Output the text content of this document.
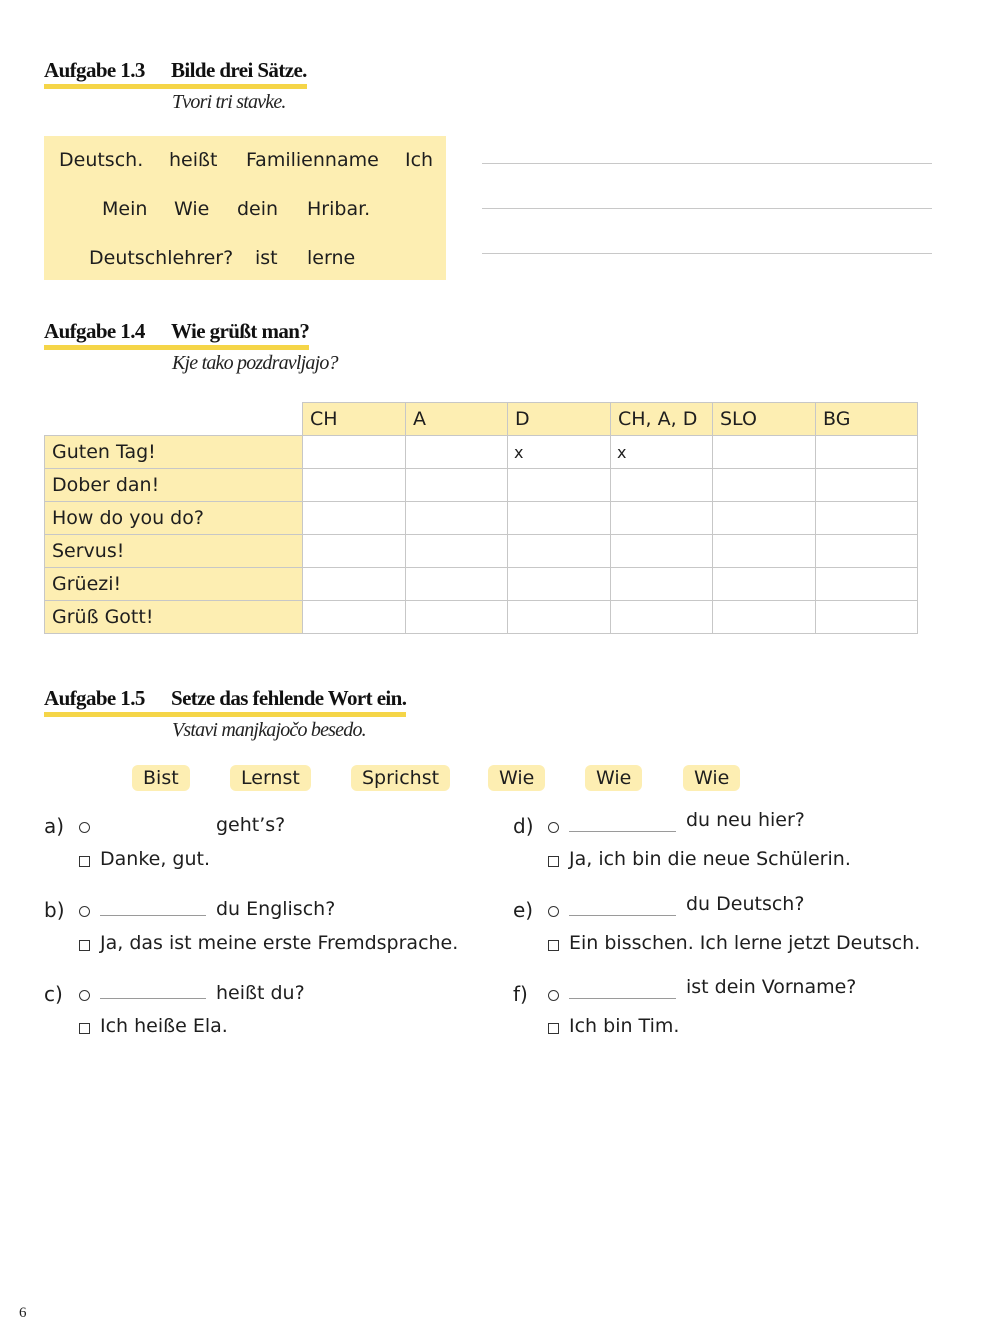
Aufgabe 1.3 Bilde drei Sätze.
Tvori tri stavke.
Deutsch. heißt Familienname Ich
Mein Wie dein Hribar.
Deutschlehrer? ist lerne
Aufgabe 1.4 Wie grüßt man?
Kje tako pozdravljajo?
	CH	A	D	CH, A, D	SLO	BG
Guten Tag!			x	x		
Dober dan!						
How do you do?						
Servus!						
Grüezi!						
Grüß Gott!						
Aufgabe 1.5 Setze das fehlende Wort ein.
Vstavi manjkajočo besedo.
Bist	Lernst	Sprichst	Wie	Wie	Wie
a)	geht’s?
Danke, gut.
b)	du Englisch?
Ja, das ist meine erste Fremdsprache.
c)	heißt du?
Ich heiße Ela.
d)	du neu hier?
Ja, ich bin die neue Schülerin.
e)	du Deutsch?
Ein bisschen. Ich lerne jetzt Deutsch.
f)	ist dein Vorname?
Ich bin Tim.
6
